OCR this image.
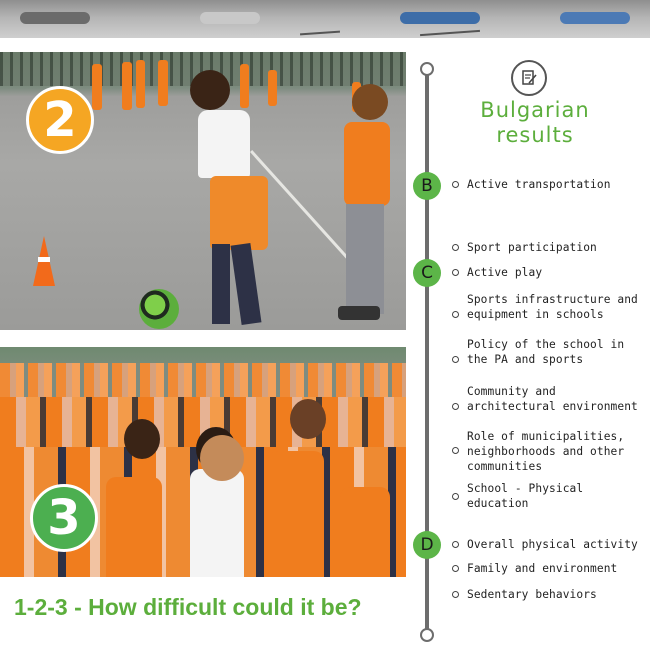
2
3
1-2-3 - How difficult could it be?
Bulgarian
results
B	Active transportation
C
Sport participation
Active play
Sports infrastructure and equipment in schools
Policy of the school in the PA and sports
Community and architectural environment
Role of municipalities, neighborhoods and other communities
School - Physical education
D	Overall physical activity
Family and environment
Sedentary behaviors
